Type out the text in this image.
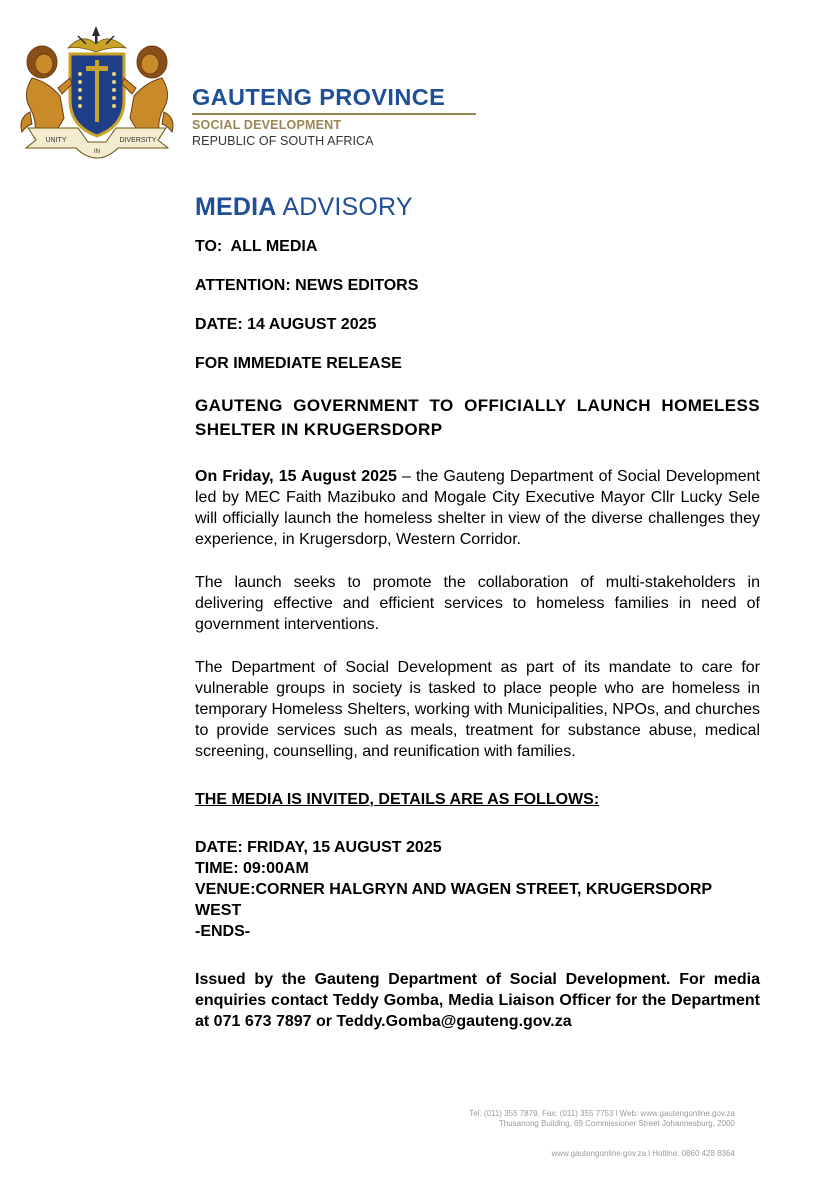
UNITY
IN
DIVERSITY
GAUTENG PROVINCE
SOCIAL DEVELOPMENT
REPUBLIC OF SOUTH AFRICA
MEDIA ADVISORY

TO:  ALL MEDIA

ATTENTION: NEWS EDITORS

DATE: 14 AUGUST 2025

FOR IMMEDIATE RELEASE

GAUTENG GOVERNMENT TO OFFICIALLY LAUNCH HOMELESS SHELTER IN KRUGERSDORP

On Friday, 15 August 2025 – the Gauteng Department of Social Development led by MEC Faith Mazibuko and Mogale City Executive Mayor Cllr Lucky Sele will officially launch the homeless shelter in view of the diverse challenges they experience, in Krugersdorp, Western Corridor.

The launch seeks to promote the collaboration of multi-stakeholders in delivering effective and efficient services to homeless families in need of government interventions.

The Department of Social Development as part of its mandate to care for vulnerable groups in society is tasked to place people who are homeless in temporary Homeless Shelters, working with Municipalities, NPOs, and churches to provide services such as meals, treatment for substance abuse, medical screening, counselling, and reunification with families.

THE MEDIA IS INVITED, DETAILS ARE AS FOLLOWS:

DATE: FRIDAY, 15 AUGUST 2025
TIME: 09:00AM
VENUE:CORNER HALGRYN AND WAGEN STREET, KRUGERSDORP WEST
-ENDS-

Issued by the Gauteng Department of Social Development. For media enquiries contact Teddy Gomba, Media Liaison Officer for the Department at 071 673 7897 or Teddy.Gomba@gauteng.gov.za

Tel: (011) 355 7879, Fax: (011) 355 7753 l Web: www.gautengonline.gov.za
Thusanong Building, 69 Commissioner Street Johannesburg, 2000
www.gautengonline.gov.za l Hotline: 0860 428 8364
